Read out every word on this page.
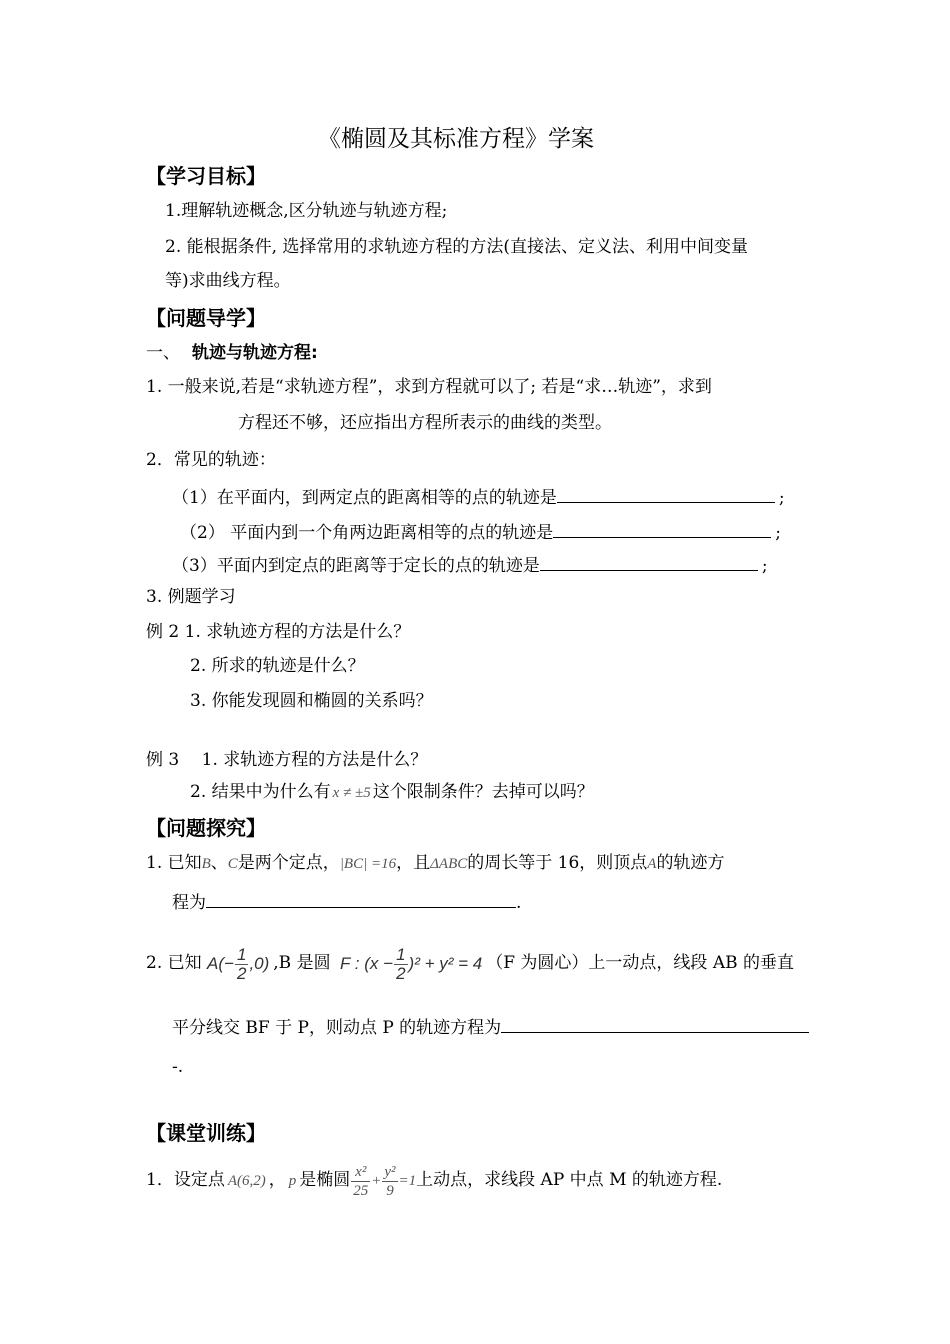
《椭圆及其标准方程》学案
【学习目标】
1.理解轨迹概念,区分轨迹与轨迹方程;
2. 能根据条件, 选择常用的求轨迹方程的方法(直接法、定义法、利用中间变量
等)求曲线方程。
【问题导学】
一、 轨迹与轨迹方程:
1. 一般来说,若是“求轨迹方程”，求到方程就可以了; 若是“求…轨迹”，求到
方程还不够，还应指出方程所表示的曲线的类型。
2．常见的轨迹：
（1）在平面内，到两定点的距离相等的点的轨迹是	;
（2） 平面内到一个角两边距离相等的点的轨迹是	;
（3）平面内到定点的距离等于定长的点的轨迹是	;
3. 例题学习
例 2 1. 求轨迹方程的方法是什么？
2. 所求的轨迹是什么？
3. 你能发现圆和椭圆的关系吗？
例 3 　1. 求轨迹方程的方法是什么？
2. 结果中为什么有 x ≠ ±5 这个限制条件？去掉可以吗？
【问题探究】
1. 已知B、C是两个定点，|BC| =16，且ΔABC的周长等于 16，则顶点A的轨迹方
程为	.
2. 已知 $A(- \frac{1}{2} ,0)$ ,B 是圆 F : $(x - \frac{1}{2} )^2 + y^2 = 4$ （F 为圆心）上一动点，线段 AB 的垂直
平分线交 BF 于 P，则动点 P 的轨迹方程为
-.
【课堂训练】
1．设定点 A(6,2) ， p 是椭圆 $\frac{\text{x²}}{25} + \frac{\text{y²}}{9} =1$上动点，求线段 AP 中点 M 的轨迹方程.
